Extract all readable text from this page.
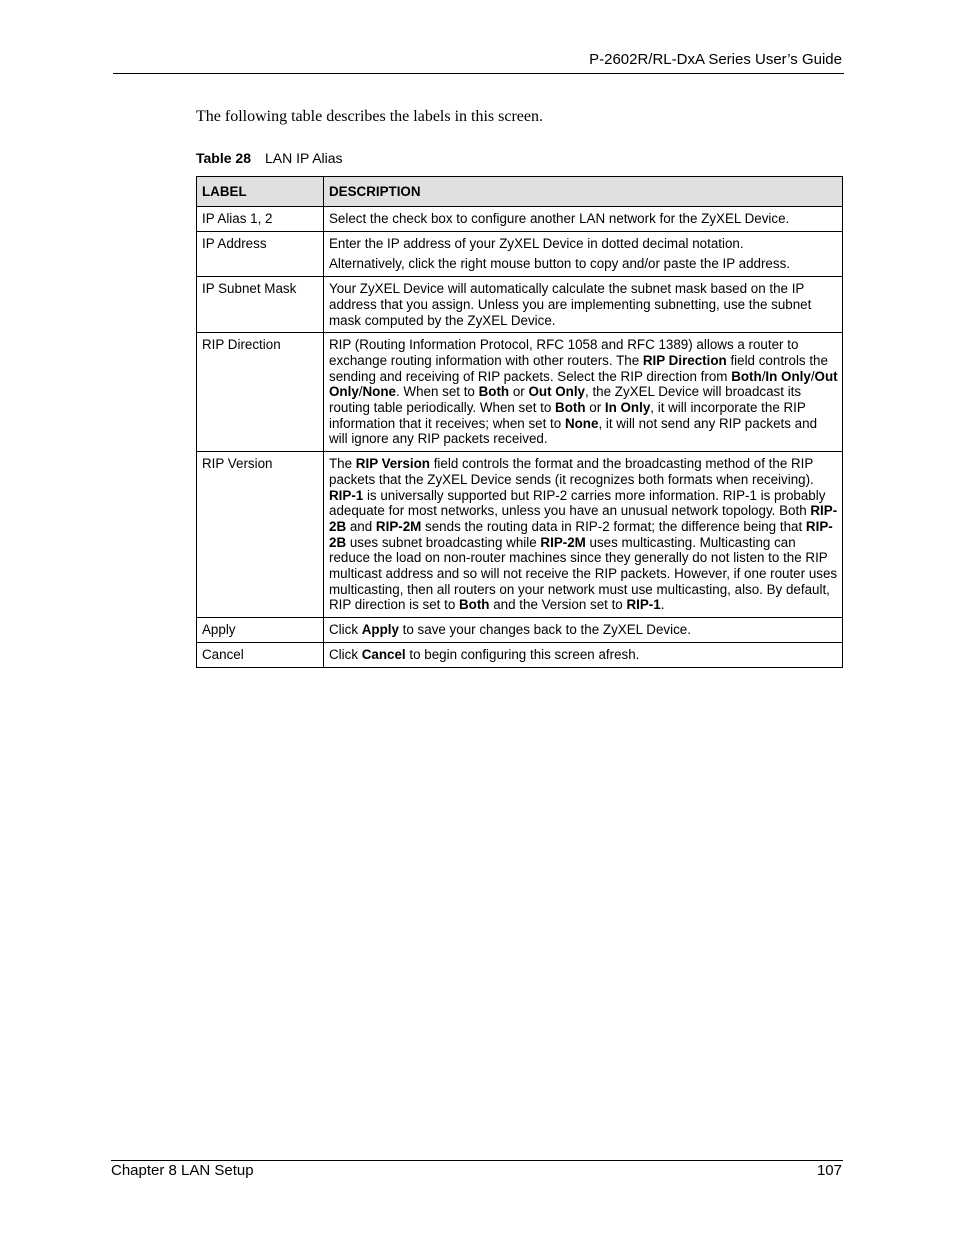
P-2602R/RL-DxA Series User’s Guide
The following table describes the labels in this screen.
Table 28 LAN IP Alias
LABEL	DESCRIPTION
IP Alias 1, 2	Select the check box to configure another LAN network for the ZyXEL Device.

IP Address	Enter the IP address of your ZyXEL Device in dotted decimal notation.

Alternatively, click the right mouse button to copy and/or paste the IP address.

IP Subnet Mask	Your ZyXEL Device will automatically calculate the subnet mask based on the IP address that you assign. Unless you are implementing subnetting, use the subnet mask computed by the ZyXEL Device.

RIP Direction	RIP (Routing Information Protocol, RFC 1058 and RFC 1389) allows a router to exchange routing information with other routers. The RIP Direction field controls the sending and receiving of RIP packets. Select the RIP direction from Both/In Only/Out Only/None. When set to Both or Out Only, the ZyXEL Device will broadcast its routing table periodically. When set to Both or In Only, it will incorporate the RIP information that it receives; when set to None, it will not send any RIP packets and will ignore any RIP packets received.

RIP Version	The RIP Version field controls the format and the broadcasting method of the RIP packets that the ZyXEL Device sends (it recognizes both formats when receiving). RIP-1 is universally supported but RIP-2 carries more information. RIP-1 is probably adequate for most networks, unless you have an unusual network topology. Both RIP-2B and RIP-2M sends the routing data in RIP-2 format; the difference being that RIP-2B uses subnet broadcasting while RIP-2M uses multicasting. Multicasting can reduce the load on non-router machines since they generally do not listen to the RIP multicast address and so will not receive the RIP packets. However, if one router uses multicasting, then all routers on your network must use multicasting, also. By default, RIP direction is set to Both and the Version set to RIP-1.

Apply	Click Apply to save your changes back to the ZyXEL Device.

Cancel	Click Cancel to begin configuring this screen afresh.

Chapter 8 LAN Setup	107
